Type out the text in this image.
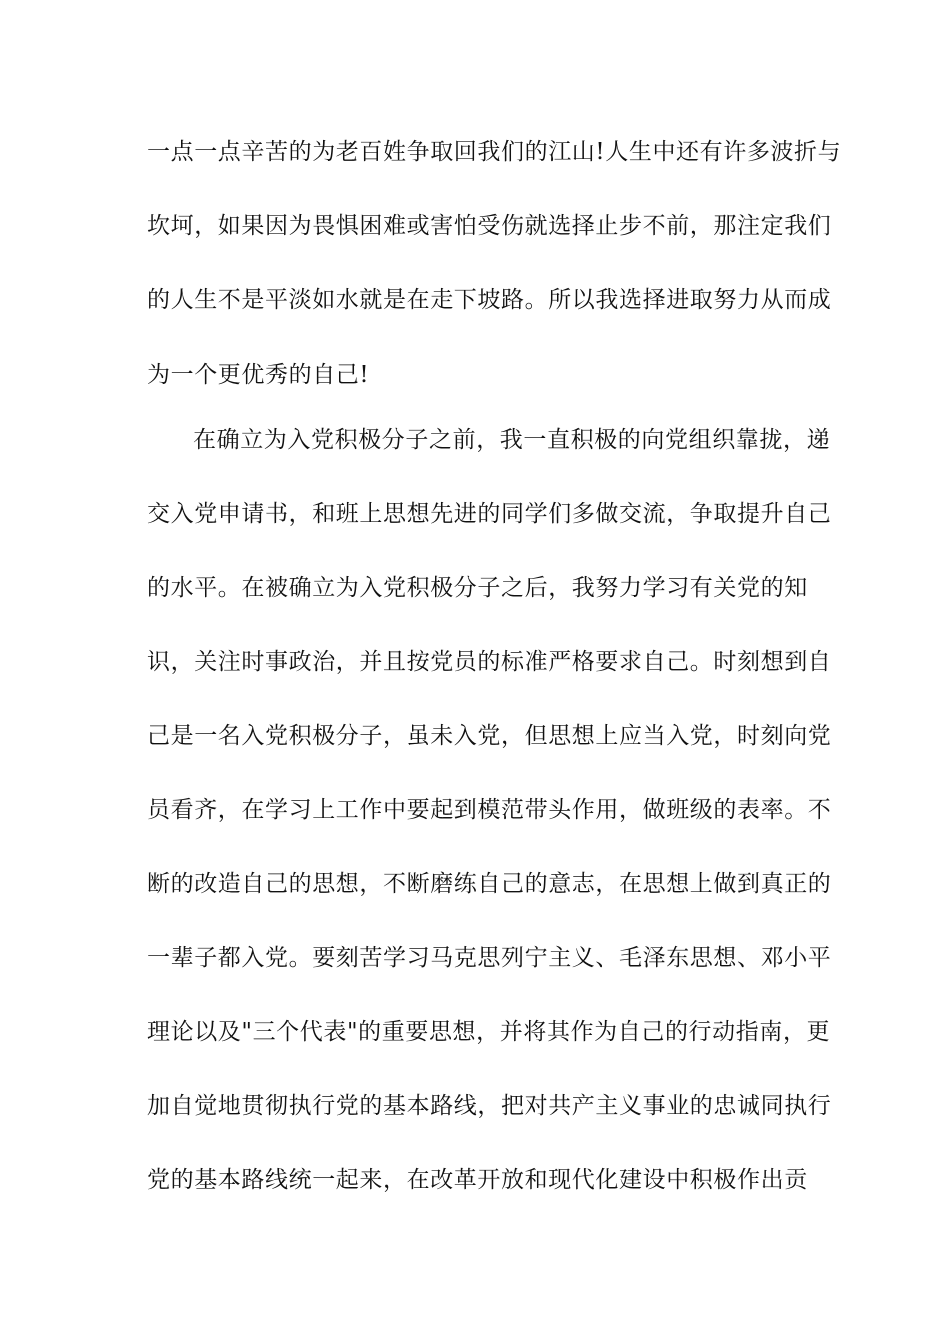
一点一点辛苦的为老百姓争取回我们的江山!人生中还有许多波折与
坎坷，如果因为畏惧困难或害怕受伤就选择止步不前，那注定我们
的人生不是平淡如水就是在走下坡路。所以我选择进取努力从而成
为一个更优秀的自己!
在确立为入党积极分子之前，我一直积极的向党组织靠拢，递
交入党申请书，和班上思想先进的同学们多做交流，争取提升自己
的水平。在被确立为入党积极分子之后，我努力学习有关党的知
识，关注时事政治，并且按党员的标准严格要求自己。时刻想到自
己是一名入党积极分子，虽未入党，但思想上应当入党，时刻向党
员看齐，在学习上工作中要起到模范带头作用，做班级的表率。不
断的改造自己的思想，不断磨练自己的意志，在思想上做到真正的
一辈子都入党。要刻苦学习马克思列宁主义、毛泽东思想、邓小平
理论以及"三个代表"的重要思想，并将其作为自己的行动指南，更
加自觉地贯彻执行党的基本路线，把对共产主义事业的忠诚同执行
党的基本路线统一起来，在改革开放和现代化建设中积极作出贡
